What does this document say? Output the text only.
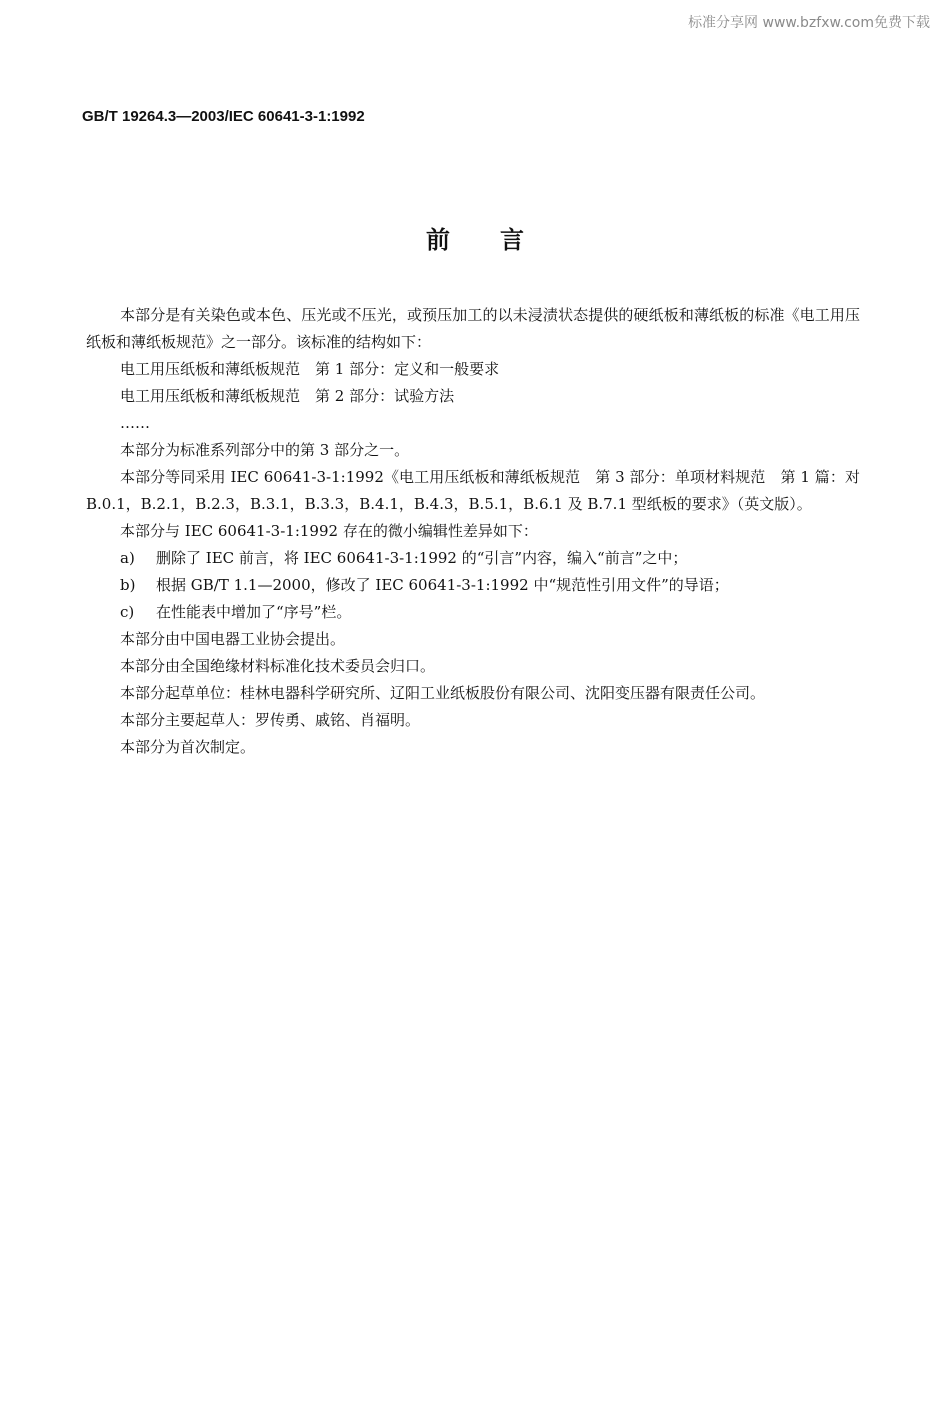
标准分享网 www.bzfxw.com免费下载
GB/T 19264.3—2003/IEC 60641-3-1:1992
前言

本部分是有关染色或本色、压光或不压光，或预压加工的以未浸渍状态提供的硬纸板和薄纸板的标准《电工用压纸板和薄纸板规范》之一部分。该标准的结构如下：

电工用压纸板和薄纸板规范　第 1 部分：定义和一般要求

电工用压纸板和薄纸板规范　第 2 部分：试验方法

……

本部分为标准系列部分中的第 3 部分之一。

本部分等同采用 IEC 60641-3-1:1992《电工用压纸板和薄纸板规范　第 3 部分：单项材料规范　第 1 篇：对 B.0.1，B.2.1，B.2.3，B.3.1，B.3.3，B.4.1，B.4.3，B.5.1，B.6.1 及 B.7.1 型纸板的要求》（英文版）。

本部分与 IEC 60641-3-1:1992 存在的微小编辑性差异如下：

a) 删除了 IEC 前言，将 IEC 60641-3-1:1992 的“引言”内容，编入“前言”之中；

b) 根据 GB/T 1.1—2000，修改了 IEC 60641-3-1:1992 中“规范性引用文件”的导语；

c) 在性能表中增加了“序号”栏。

本部分由中国电器工业协会提出。

本部分由全国绝缘材料标准化技术委员会归口。

本部分起草单位：桂林电器科学研究所、辽阳工业纸板股份有限公司、沈阳变压器有限责任公司。

本部分主要起草人：罗传勇、戚铭、肖福明。

本部分为首次制定。
